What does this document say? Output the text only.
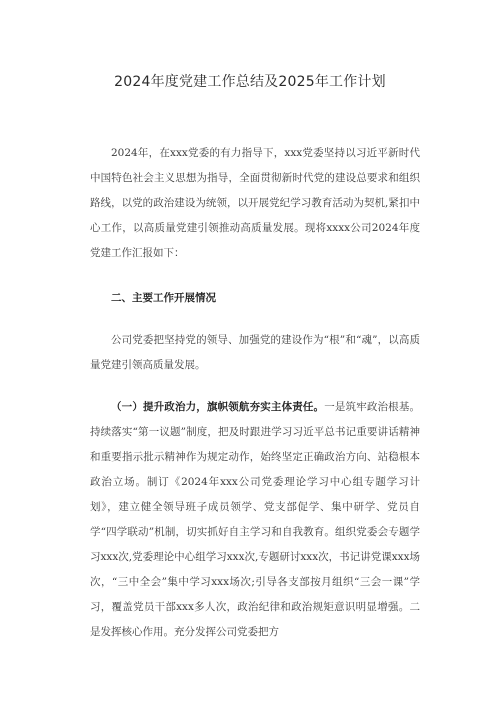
2024年度党建工作总结及2025年工作计划

2024年，在xxx党委的有力指导下，xxx党委坚持以习近平新时代中国特色社会主义思想为指导，全面贯彻新时代党的建设总要求和组织路线，以党的政治建设为统领，以开展党纪学习教育活动为契机,紧扣中心工作，以高质量党建引领推动高质量发展。现将xxxx公司2024年度党建工作汇报如下：

二、主要工作开展情况

公司党委把坚持党的领导、加强党的建设作为“根”和“魂”，以高质量党建引领高质量发展。

（一）提升政治力，旗帜领航夯实主体责任。一是筑牢政治根基。持续落实“第一议题”制度，把及时跟进学习习近平总书记重要讲话精神和重要指示批示精神作为规定动作，始终坚定正确政治方向、站稳根本政治立场。制订《2024年xxx公司党委理论学习中心组专题学习计划》，建立健全领导班子成员领学、党支部促学、集中研学、党员自学“四学联动”机制，切实抓好自主学习和自我教育。组织党委会专题学习xxx次,党委理论中心组学习xxx次,专题研讨xxx次，书记讲党课xxx场次，“三中全会”集中学习xxx场次;引导各支部按月组织“三会一课”学习，覆盖党员干部xxx多人次，政治纪律和政治规矩意识明显增强。二是发挥核心作用。充分发挥公司党委把方
